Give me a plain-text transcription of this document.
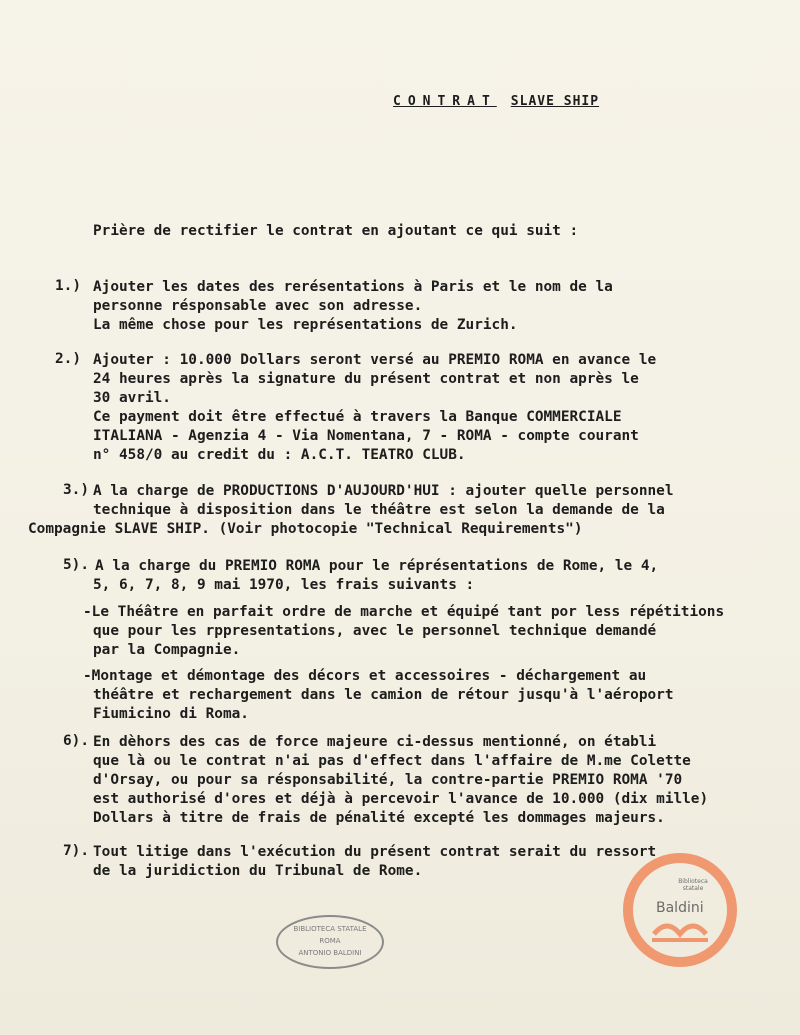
CONTRAT SLAVE SHIP
Prière de rectifier le contrat en ajoutant ce qui suit :
1.) Ajouter les dates des rerésentations à Paris et le nom de la
personne résponsable avec son adresse.
La même chose pour les représentations de Zurich.
2.) Ajouter : 10.000 Dollars seront versé au PREMIO ROMA en avance le
24 heures après la signature du présent contrat et non après le
30 avril.
Ce payment doit être effectué à travers la Banque COMMERCIALE
ITALIANA - Agenzia 4 - Via Nomentana, 7 - ROMA - compte courant
n° 458/0 au credit du : A.C.T. TEATRO CLUB.
3.) A la charge de PRODUCTIONS D'AUJOURD'HUI : ajouter quelle personnel
technique à disposition dans le théâtre est selon la demande de la
Compagnie SLAVE SHIP. (Voir photocopie "Technical Requirements")
5). A la charge du PREMIO ROMA pour le réprésentations de Rome, le 4,
5, 6, 7, 8, 9 mai 1970, les frais suivants :
-Le Théâtre en parfait ordre de marche et équipé tant por less répétitions
que pour les rppresentations, avec le personnel technique demandé
par la Compagnie.
-Montage et démontage des décors et accessoires - déchargement au
théâtre et rechargement dans le camion de rétour jusqu'à l'aéroport
Fiumicino di Roma.
6). En dèhors des cas de force majeure ci-dessus mentionné, on établi
que là ou le contrat n'ai pas d'effect dans l'affaire de M.me Colette
d'Orsay, ou pour sa résponsabilité, la contre-partie PREMIO ROMA '70
est authorisé d'ores et déjà à percevoir l'avance de 10.000 (dix mille)
Dollars à titre de frais de pénalité excepté les dommages majeurs.
7). Tout litige dans l'exécution du présent contrat serait du ressort
de la juridiction du Tribunal de Rome.
BIBLIOTECA STATALE
ROMA
ANTONIO BALDINI
Biblioteca statale
Baldini
